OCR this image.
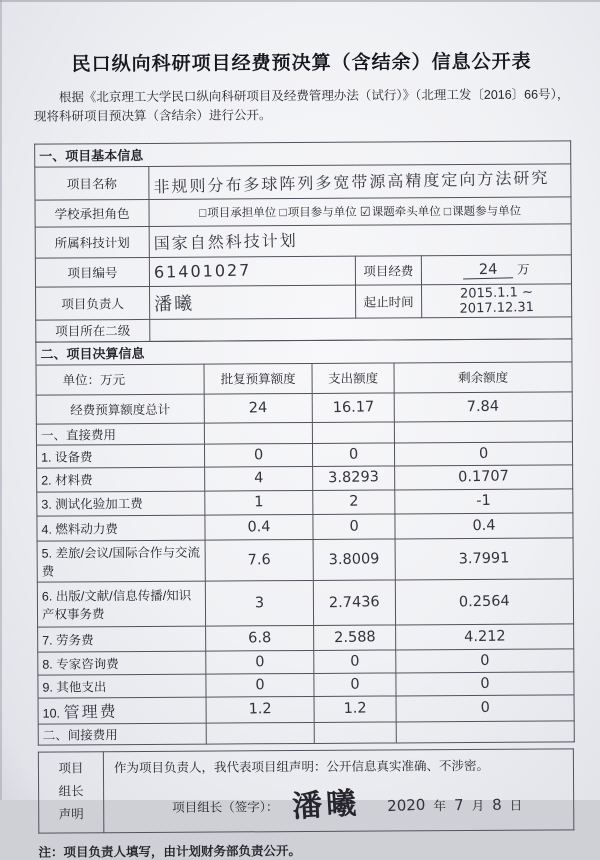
民口纵向科研项目经费预决算（含结余）信息公开表
根据《北京理工大学民口纵向科研项目及经费管理办法（试行）》（北理工发〔2016〕66号），现将科研项目预决算（含结余）进行公开。
一、项目基本信息			
项目名称	非规则分布多球阵列多宽带源高精度定向方法研究		
学校承担角色	□项目承担单位 □项目参与单位 ☑课题牵头单位 □课题参与单位		
所属科技计划	国家自然科技计划		
项目编号	61401027	项目经费	24 万
项目负责人	潘曦	起止时间	2015.1.1 ~ 2017.12.31
项目所在二级			
二、项目决算信息			
单位：万元	批复预算额度	支出额度	剩余额度
经费预算额度总计	24	16.17	7.84
一、直接费用			
1. 设备费	0	0	0
2. 材料费	4	3.8293	0.1707
3. 测试化验加工费	1	2	-1
4. 燃料动力费	0.4	0	0.4
5. 差旅/会议/国际合作与交流费	7.6	3.8009	3.7991
6. 出版/文献/信息传播/知识产权事务费	3	2.7436	0.2564
7. 劳务费	6.8	2.588	4.212
8. 专家咨询费	0	0	0
9. 其他支出	0	0	0
10. 管理费	1.2	1.2	0
二、间接费用			
项目
组长
声明

作为项目负责人，我代表项目组声明：公开信息真实准确、不涉密。
项目组长（签字）： 潘曦 2020 年 7 月 8 日
注：项目负责人填写，由计划财务部负责公开。
